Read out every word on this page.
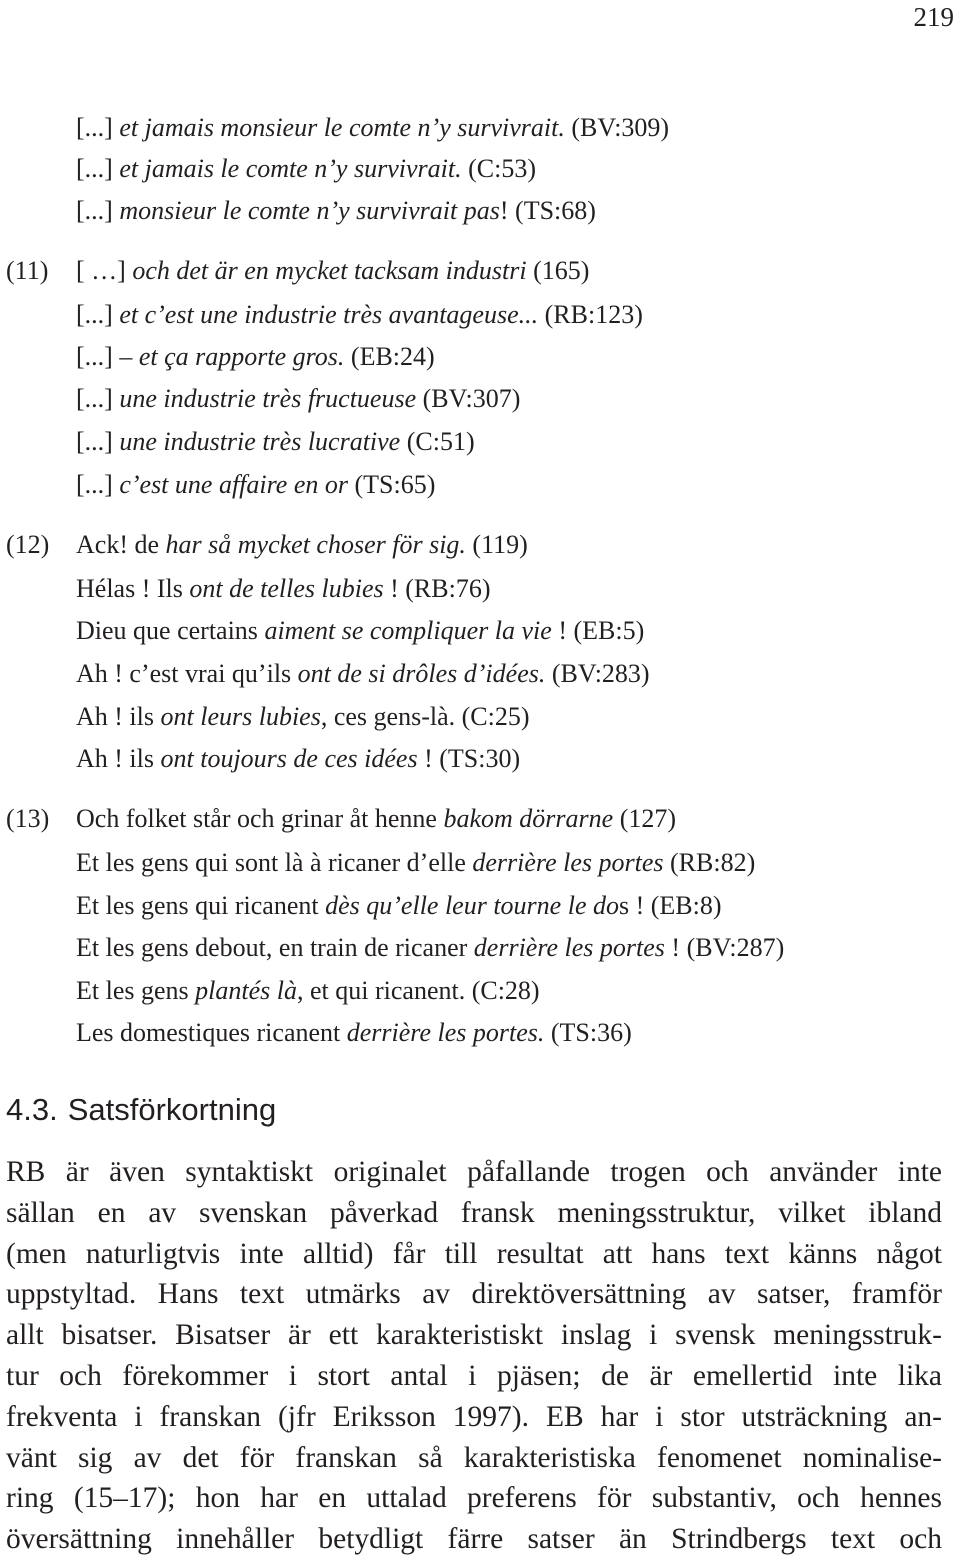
219
[...] et jamais monsieur le comte n’y survivrait. (BV:309)
[...] et jamais le comte n’y survivrait. (C:53)
[...] monsieur le comte n’y survivrait pas! (TS:68)
(11) [ …] och det är en mycket tacksam industri (165)
[...] et c’est une industrie très avantageuse... (RB:123)
[...] – et ça rapporte gros. (EB:24)
[...] une industrie très fructueuse (BV:307)
[...] une industrie très lucrative (C:51)
[...] c’est une affaire en or (TS:65)
(12) Ack! de har så mycket choser för sig. (119)
Hélas ! Ils ont de telles lubies ! (RB:76)
Dieu que certains aiment se compliquer la vie ! (EB:5)
Ah ! c’est vrai qu’ils ont de si drôles d’idées. (BV:283)
Ah ! ils ont leurs lubies, ces gens-là. (C:25)
Ah ! ils ont toujours de ces idées ! (TS:30)
(13) Och folket står och grinar åt henne bakom dörrarne (127)
Et les gens qui sont là à ricaner d’elle derrière les portes (RB:82)
Et les gens qui ricanent dès qu’elle leur tourne le dos ! (EB:8)
Et les gens debout, en train de ricaner derrière les portes ! (BV:287)
Et les gens plantés là, et qui ricanent. (C:28)
Les domestiques ricanent derrière les portes. (TS:36)
4.3. Satsförkortning
RB är även syntaktiskt originalet påfallande trogen och använder inte
sällan en av svenskan påverkad fransk meningsstruktur, vilket ibland
(men naturligtvis inte alltid) får till resultat att hans text känns något
uppstyltad. Hans text utmärks av direktöversättning av satser, framför
allt bisatser. Bisatser är ett karakteristiskt inslag i svensk meningsstruk-
tur och förekommer i stort antal i pjäsen; de är emellertid inte lika
frekventa i franskan (jfr Eriksson 1997). EB har i stor utsträckning an-
vänt sig av det för franskan så karakteristiska fenomenet nominalise-
ring (15–17); hon har en uttalad preferens för substantiv, och hennes
översättning innehåller betydligt färre satser än Strindbergs text och
